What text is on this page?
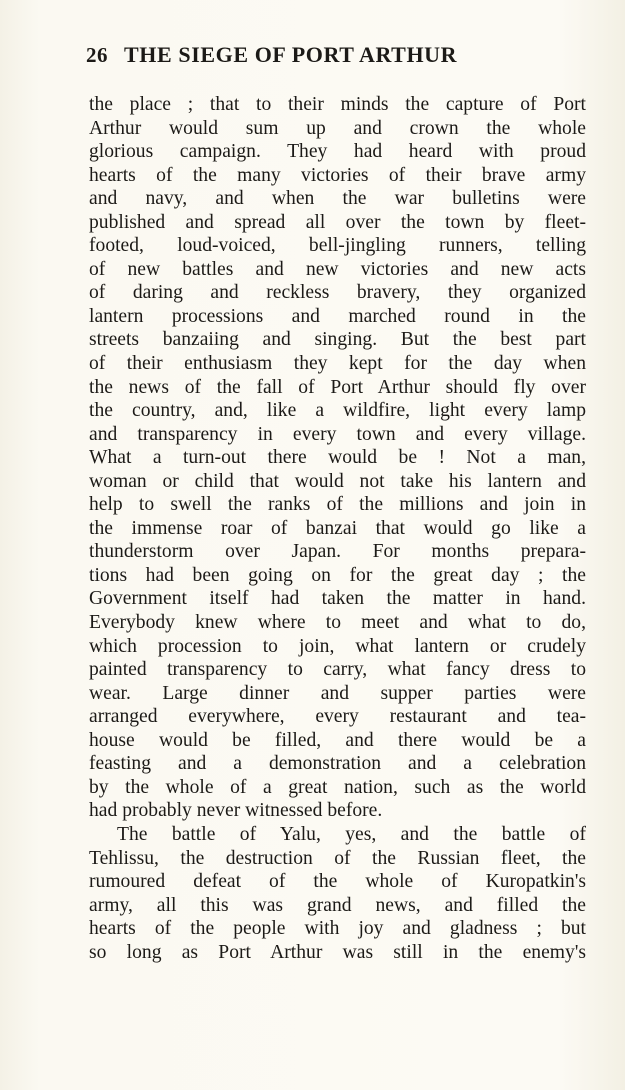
26 THE SIEGE OF PORT ARTHUR
the place ; that to their minds the capture of Port
Arthur would sum up and crown the whole
glorious campaign. They had heard with proud
hearts of the many victories of their brave army
and navy, and when the war bulletins were
published and spread all over the town by fleet-
footed, loud-voiced, bell-jingling runners, telling
of new battles and new victories and new acts
of daring and reckless bravery, they organized
lantern processions and marched round in the
streets banzaiing and singing. But the best part
of their enthusiasm they kept for the day when
the news of the fall of Port Arthur should fly over
the country, and, like a wildfire, light every lamp
and transparency in every town and every village.
What a turn-out there would be ! Not a man,
woman or child that would not take his lantern and
help to swell the ranks of the millions and join in
the immense roar of banzai that would go like a
thunderstorm over Japan. For months prepara-
tions had been going on for the great day ; the
Government itself had taken the matter in hand.
Everybody knew where to meet and what to do,
which procession to join, what lantern or crudely
painted transparency to carry, what fancy dress to
wear. Large dinner and supper parties were
arranged everywhere, every restaurant and tea-
house would be filled, and there would be a
feasting and a demonstration and a celebration
by the whole of a great nation, such as the world
had probably never witnessed before.
The battle of Yalu, yes, and the battle of
Tehlissu, the destruction of the Russian fleet, the
rumoured defeat of the whole of Kuropatkin's
army, all this was grand news, and filled the
hearts of the people with joy and gladness ; but
so long as Port Arthur was still in the enemy's
